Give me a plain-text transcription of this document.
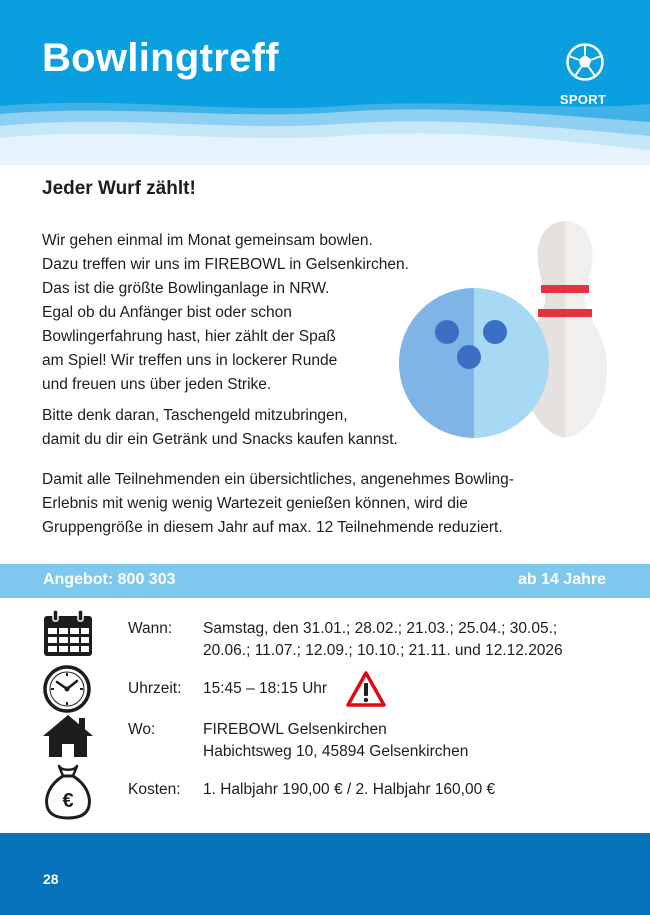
Bowlingtreff
SPORT
Jeder Wurf zählt!

Wir gehen einmal im Monat gemeinsam bowlen.
Dazu treffen wir uns im FIREBOWL in Gelsenkirchen.
Das ist die größte Bowlinganlage in NRW.
Egal ob du Anfänger bist oder schon
Bowlingerfahrung hast, hier zählt der Spaß
am Spiel! Wir treffen uns in lockerer Runde
und freuen uns über jeden Strike.

Bitte denk daran, Taschengeld mitzubringen,
damit du dir ein Getränk und Snacks kaufen kannst.

Damit alle Teilnehmenden ein übersichtliches, angenehmes Bowling-
Erlebnis mit wenig wenig Wartezeit genießen können, wird die
Gruppengröße in diesem Jahr auf max. 12 Teilnehmende reduziert.

Angebot: 800 303	ab 14 Jahre
Wann: Samstag, den 31.01.; 28.02.; 21.03.; 25.04.; 30.05.;
20.06.; 11.07.; 12.09.; 10.10.; 21.11. und 12.12.2026
Uhrzeit: 15:45 – 18:15 Uhr
Wo:	FIREBOWL Gelsenkirchen
Habichtsweg 10, 45894 Gelsenkirchen
€
Kosten: 1. Halbjahr 190,00 € / 2. Halbjahr 160,00 €
28
